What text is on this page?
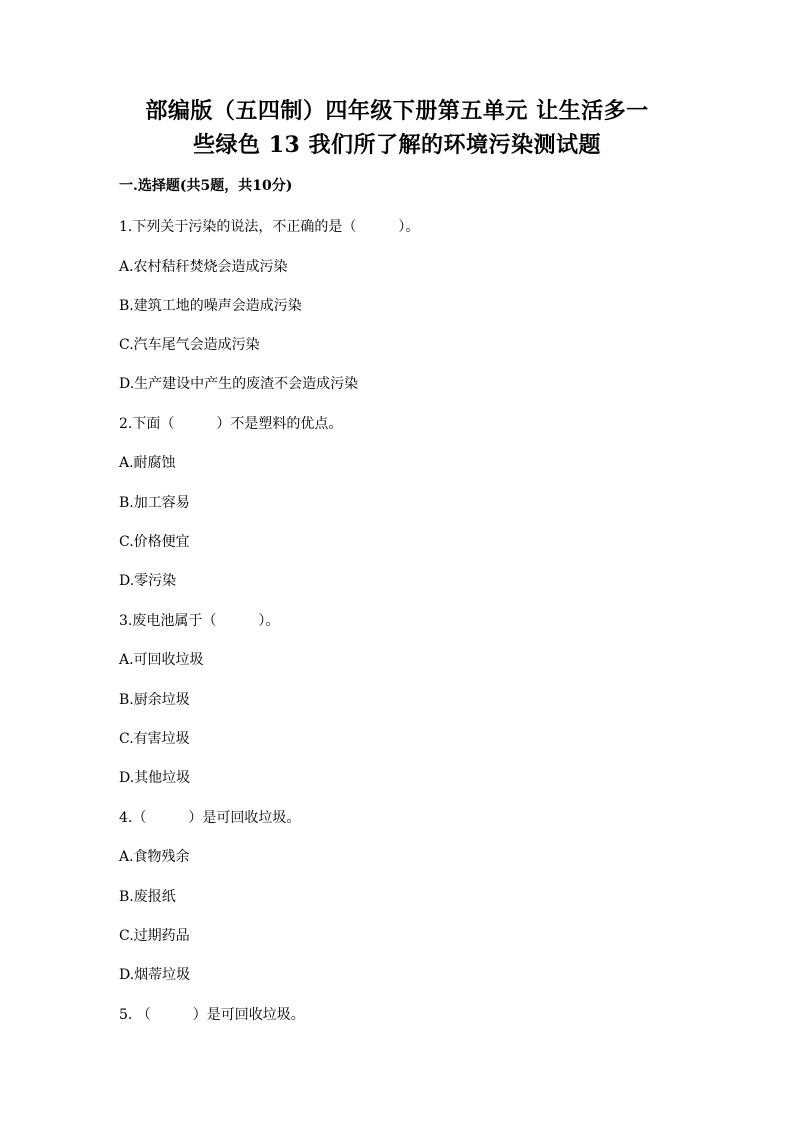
部编版（五四制）四年级下册第五单元 让生活多一
些绿色 13 我们所了解的环境污染测试题
一.选择题(共5题，共10分)
1.下列关于污染的说法，不正确的是（　　　）。
A.农村秸秆焚烧会造成污染
B.建筑工地的噪声会造成污染
C.汽车尾气会造成污染
D.生产建设中产生的废渣不会造成污染
2.下面（　　　）不是塑料的优点。
A.耐腐蚀
B.加工容易
C.价格便宜
D.零污染
3.废电池属于（　　　）。
A.可回收垃圾
B.厨余垃圾
C.有害垃圾
D.其他垃圾
4.（　　　）是可回收垃圾。
A.食物残余
B.废报纸
C.过期药品
D.烟蒂垃圾
5. （　　　）是可回收垃圾。
